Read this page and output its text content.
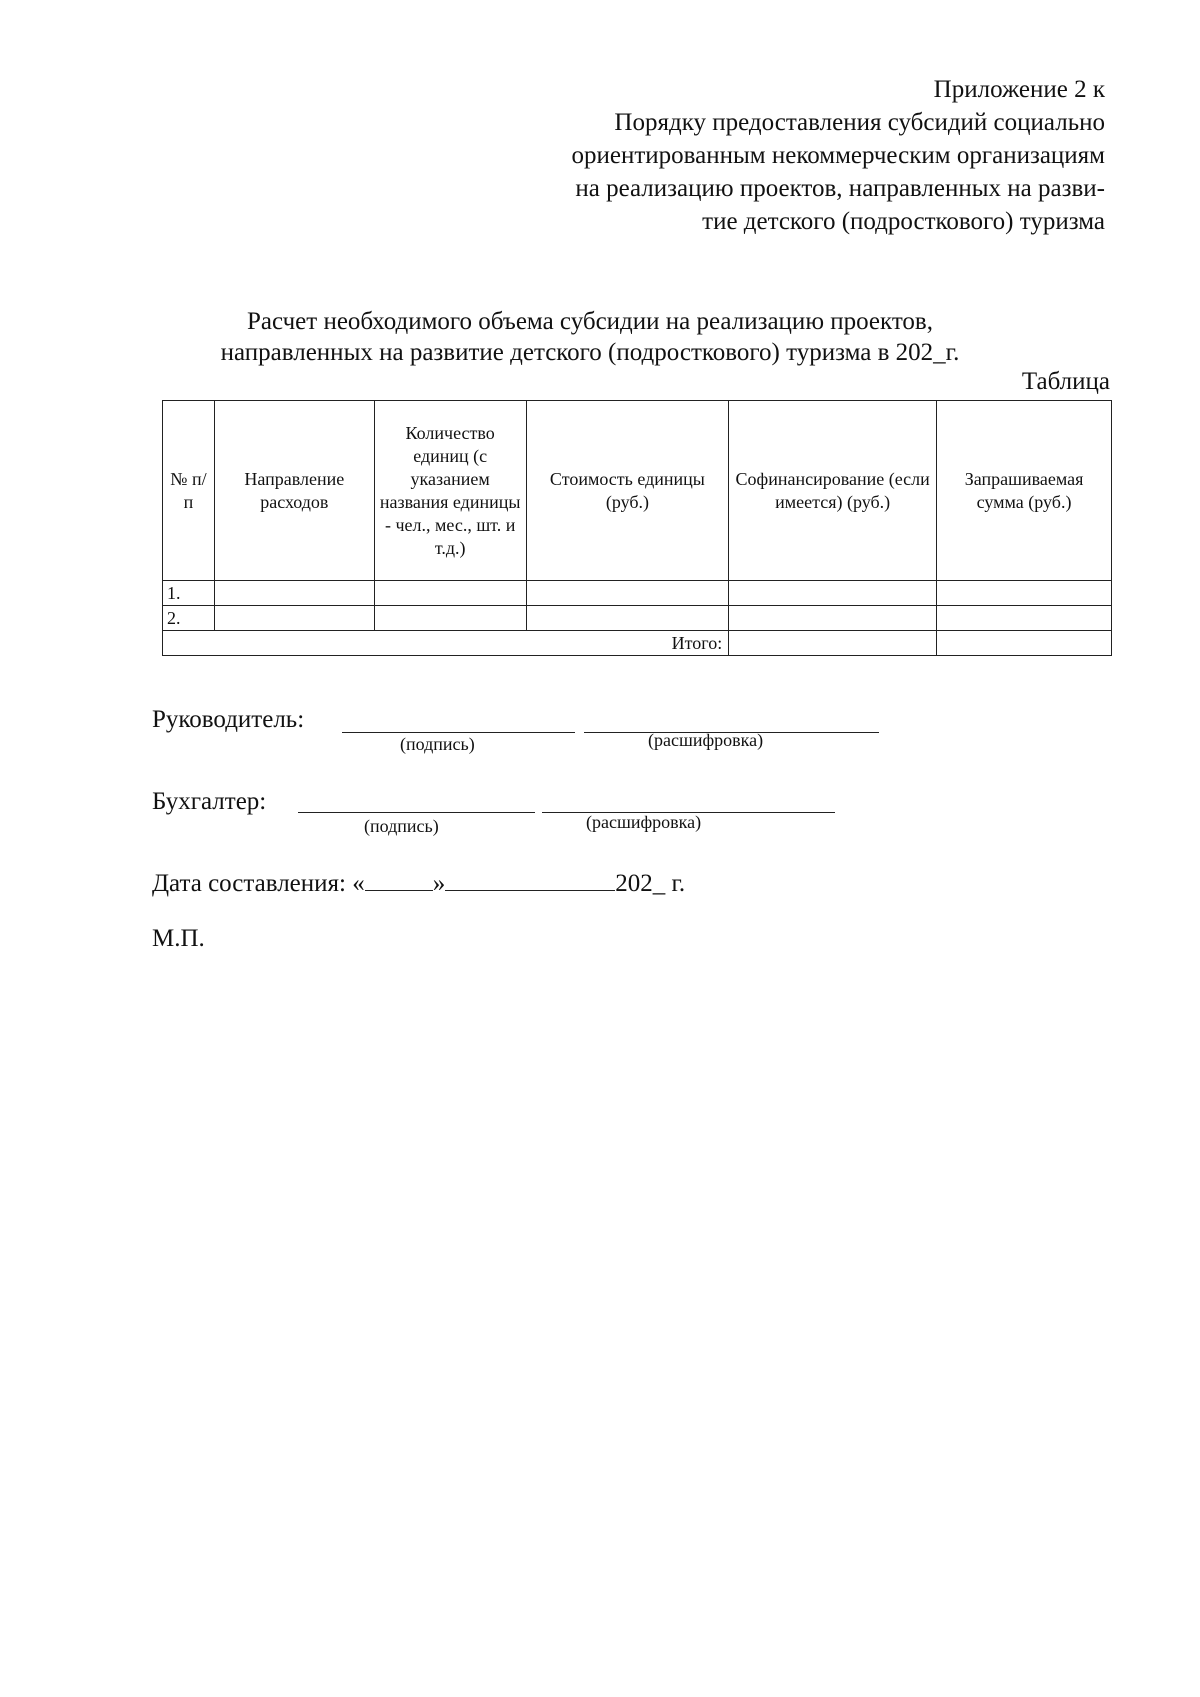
Приложение 2 к
Порядку предоставления субсидий социально
ориентированным некоммерческим организациям
на реализацию проектов, направленных на разви-
тие детского (подросткового) туризма
Расчет необходимого объема субсидии на реализацию проектов,
направленных на развитие детского (подросткового) туризма в 202_г.
Таблица
№ п/п	Направление расходов	Количество единиц (с указанием названия единицы - чел., мес., шт. и т.д.)	Стоимость единицы (руб.)	Софинансирование (если имеется) (руб.)	Запрашиваемая сумма (руб.)
1.					
2.					
Итого:					
Руководитель:
(подпись)	(расшифровка)
Бухгалтер:
(подпись)	(расшифровка)
Дата составления: «	»	202_ г.
М.П.
